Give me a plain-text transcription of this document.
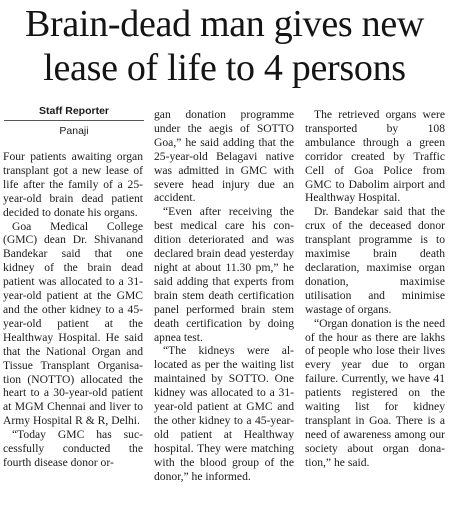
Brain-dead man gives new
lease of life to 4 persons
Staff Reporter
Panaji

Four patients awaiting organ transplant got a new lease of life after the family of a 25-year-old brain dead patient decided to donate his organs.

Goa Medical College (GMC) dean Dr. Shivanand Bandekar said that one kidney of the brain dead patient was allocated to a 31-year-old patient at the GMC and the other kidney to a 45-year-old patient at the Healthway Hospital. He said that the National Organ and Tissue Transplant Organisation (NOTTO) allocated the heart to a 30-year-old patient at MGM Chennai and liver to Army Hospital R & R, Delhi.

“Today GMC has successfully conducted the fourth disease donor or-

gan donation programme under the aegis of SOTTO Goa,” he said adding that the 25-year-old Belagavi native was admitted in GMC with severe head injury due an accident.

“Even after receiving the best medical care his condition deteriorated and was declared brain dead yesterday night at about 11.30 pm,” he said adding that experts from brain stem death certification panel performed brain stem death certification by doing apnea test.

“The kidneys were allocated as per the waiting list maintained by SOTTO. One kidney was allocated to a 31-year-old patient at GMC and the other kidney to a 45-year-old patient at Healthway hospital. They were matching with the blood group of the donor,” he informed.

The retrieved organs were transported by 108 ambulance through a green corridor created by Traffic Cell of Goa Police from GMC to Dabolim airport and Healthway Hospital.

Dr. Bandekar said that the crux of the deceased donor transplant programme is to maximise brain death declaration, maximise organ donation, maximise utilisation and minimise wastage of organs.

“Organ donation is the need of the hour as there are lakhs of people who lose their lives every year due to organ failure. Currently, we have 41 patients registered on the waiting list for kidney transplant in Goa. There is a need of awareness among our society about organ donation,” he said.
